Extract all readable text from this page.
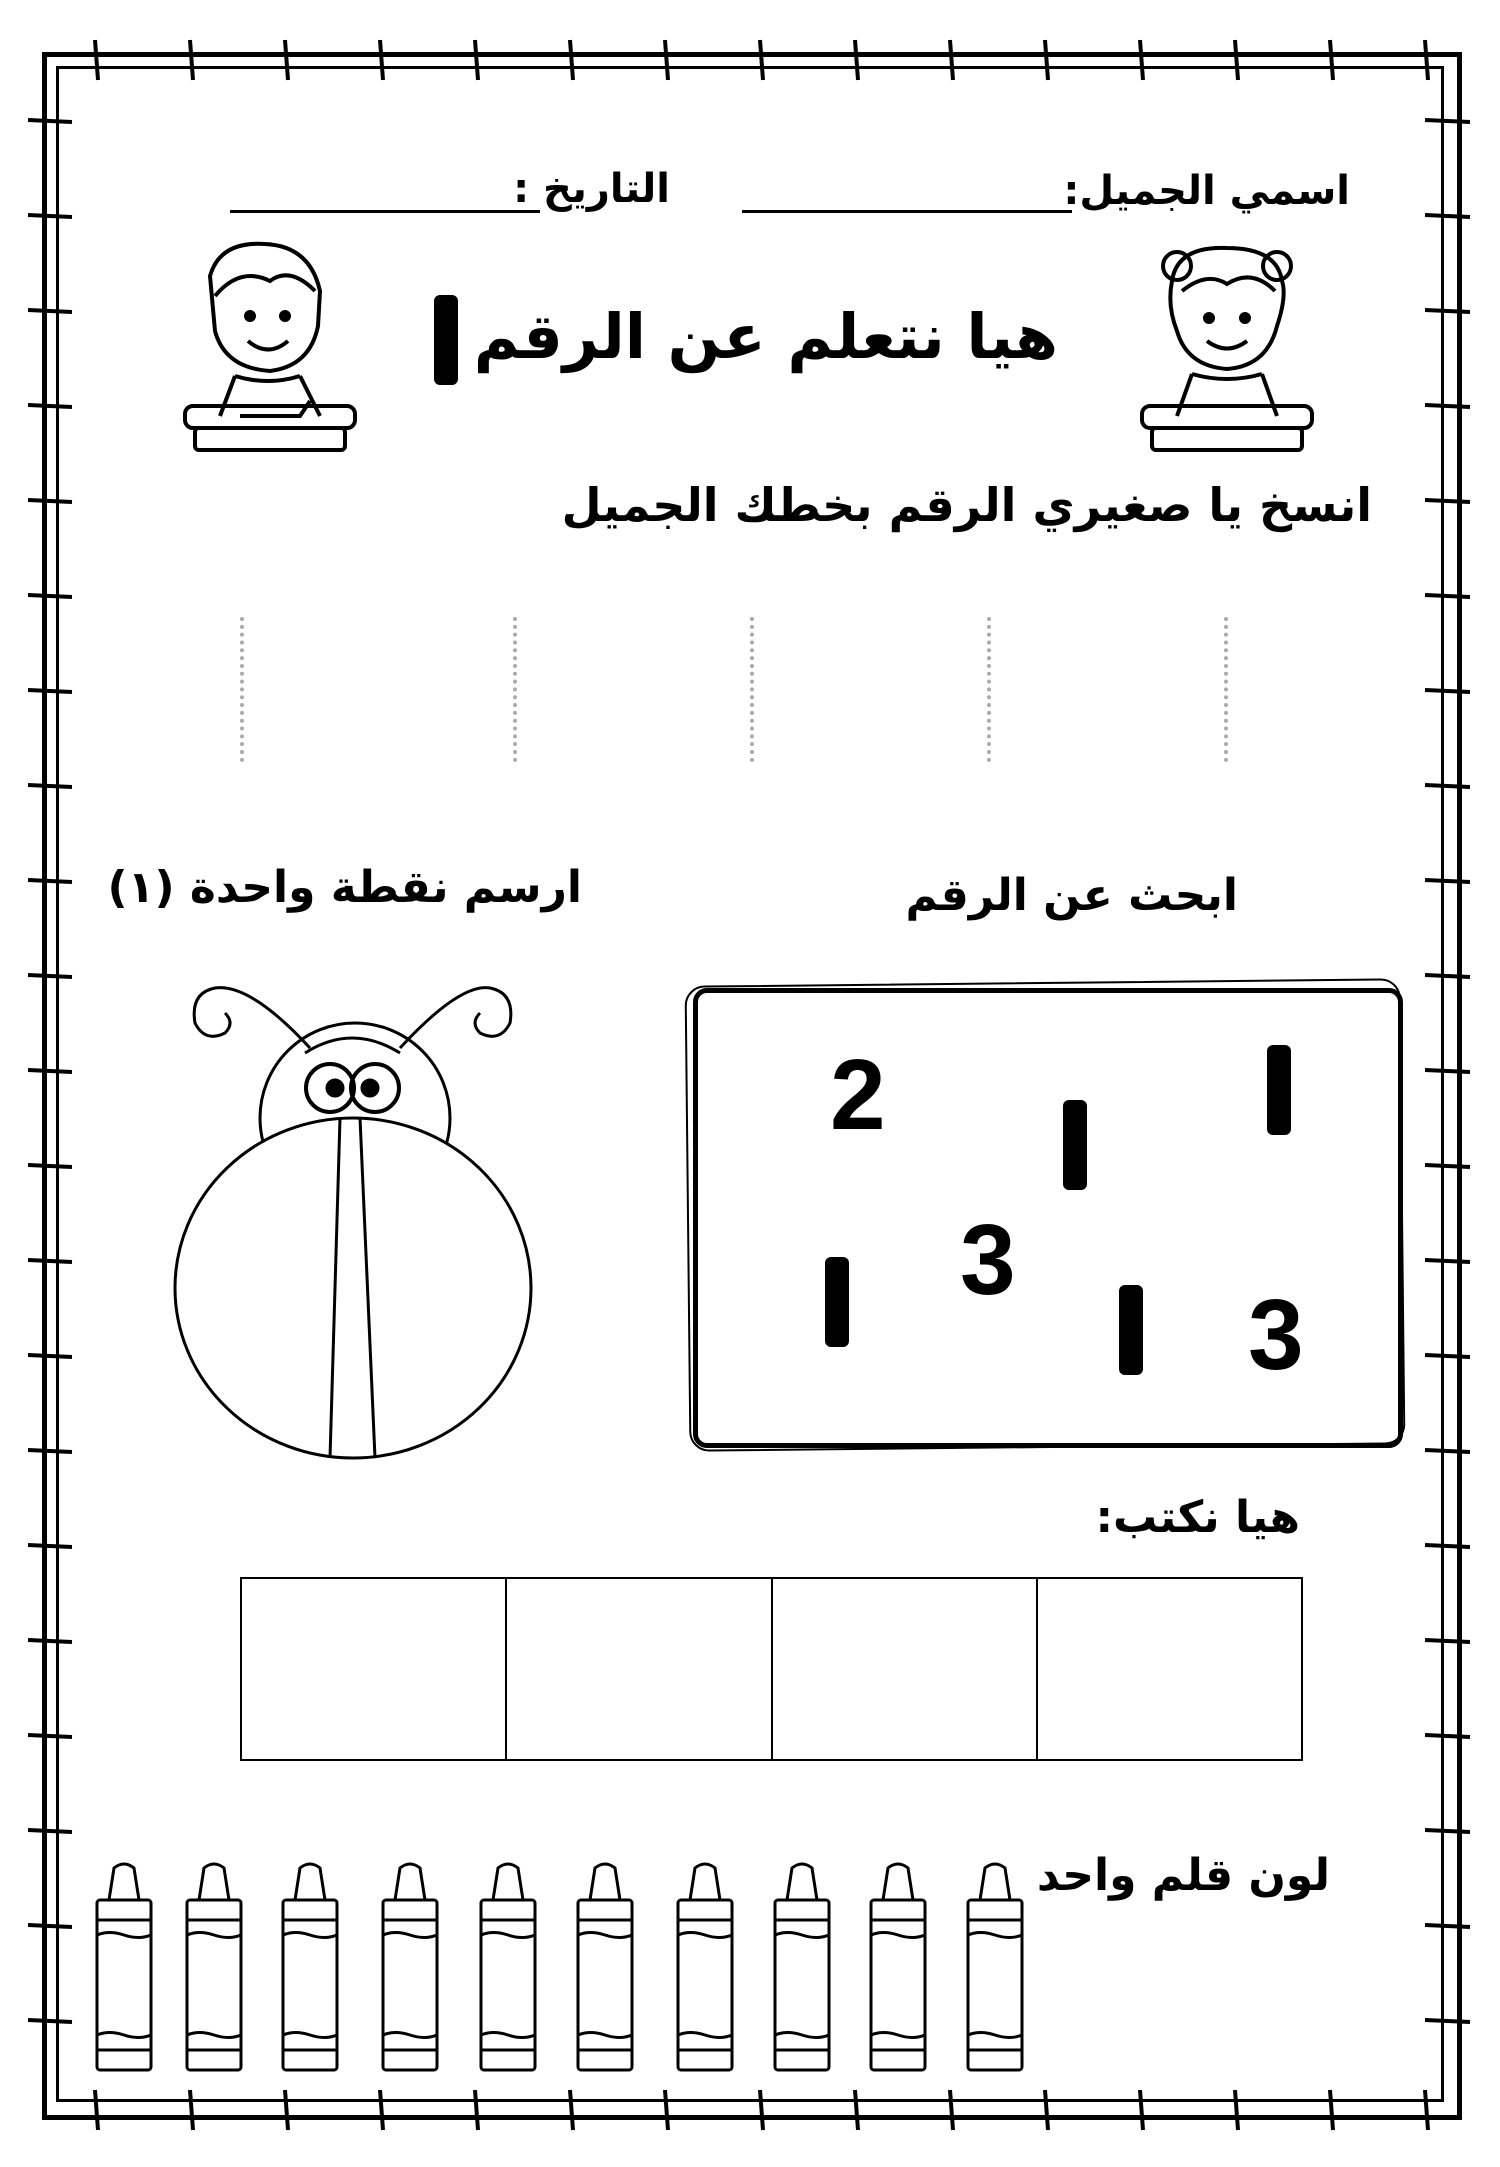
اسمي الجميل:
التاريخ :
هيا نتعلم عن الرقم
انسخ يا صغيري الرقم بخطك الجميل
ارسم نقطة واحدة (١)	ابحث عن الرقم
2
3
3
هيا نكتب:
لون قلم واحد
